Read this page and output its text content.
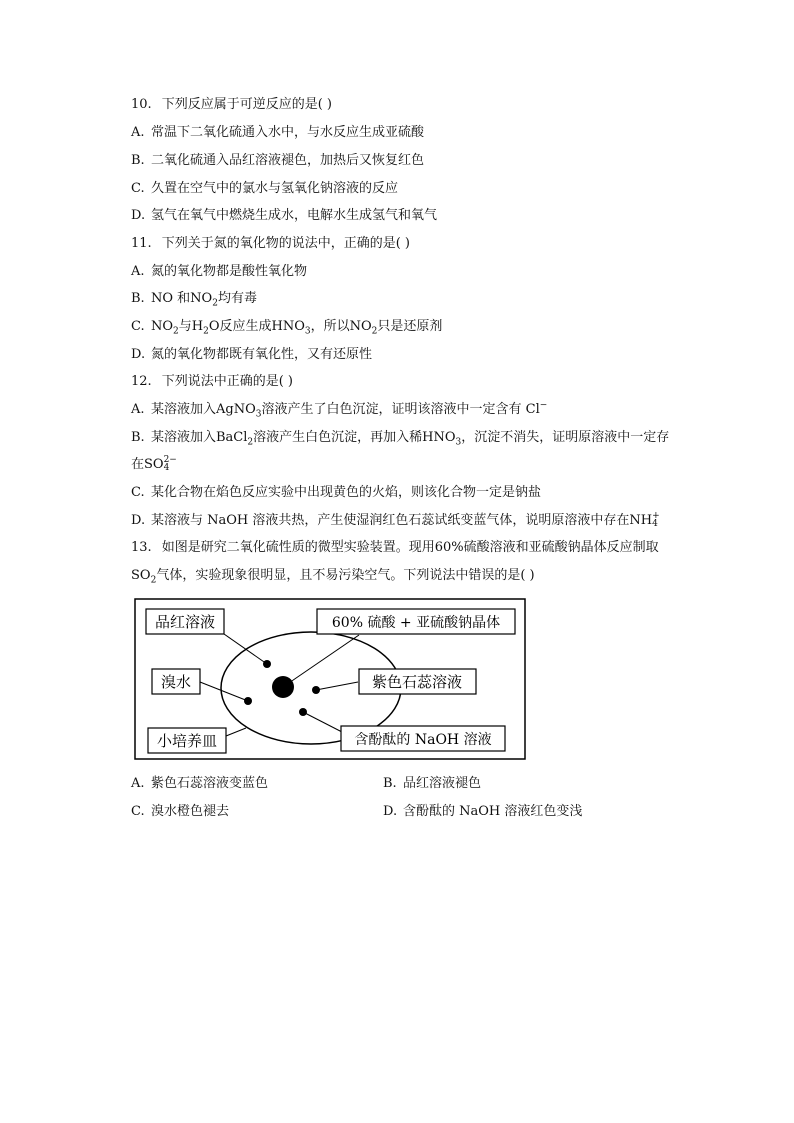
10. 下列反应属于可逆反应的是( )
A. 常温下二氧化硫通入水中，与水反应生成亚硫酸
B. 二氧化硫通入品红溶液褪色，加热后又恢复红色
C. 久置在空气中的氯水与氢氧化钠溶液的反应
D. 氢气在氧气中燃烧生成水，电解水生成氢气和氧气
11. 下列关于氮的氧化物的说法中，正确的是( )
A. 氮的氧化物都是酸性氧化物
B. NO 和$NO_2$均有毒
C. $NO_2$与$H_2O$反应生成$HNO_3$，所以$NO_2$只是还原剂
D. 氮的氧化物都既有氧化性，又有还原性
12. 下列说法中正确的是( )
A. 某溶液加入AgNO$_3$溶液产生了白色沉淀，证明该溶液中一定含有 Cl−
B. 某溶液加入BaCl$_2$溶液产生白色沉淀，再加入稀$HNO_3$，沉淀不消失，证明原溶液中一定存
在SO 2−
4
C. 某化合物在焰色反应实验中出现黄色的火焰，则该化合物一定是钠盐
D. 某溶液与 NaOH 溶液共热，产生使湿润红色石蕊试纸变蓝气体，说明原溶液中存在NH +
4
13. 如图是研究二氧化硫性质的微型实验装置。现用60%硫酸溶液和亚硫酸钠晶体反应制取
$SO_2$气体，实验现象很明显，且不易污染空气。下列说法中错误的是( )
品红溶液	60% 硫酸 + 亚硫酸钠晶体
溴水	紫色石蕊溶液
小培养皿	含酚酞的 NaOH 溶液
A. 紫色石蕊溶液变蓝色	B. 品红溶液褪色
C. 溴水橙色褪去	D. 含酚酞的 NaOH 溶液红色变浅
